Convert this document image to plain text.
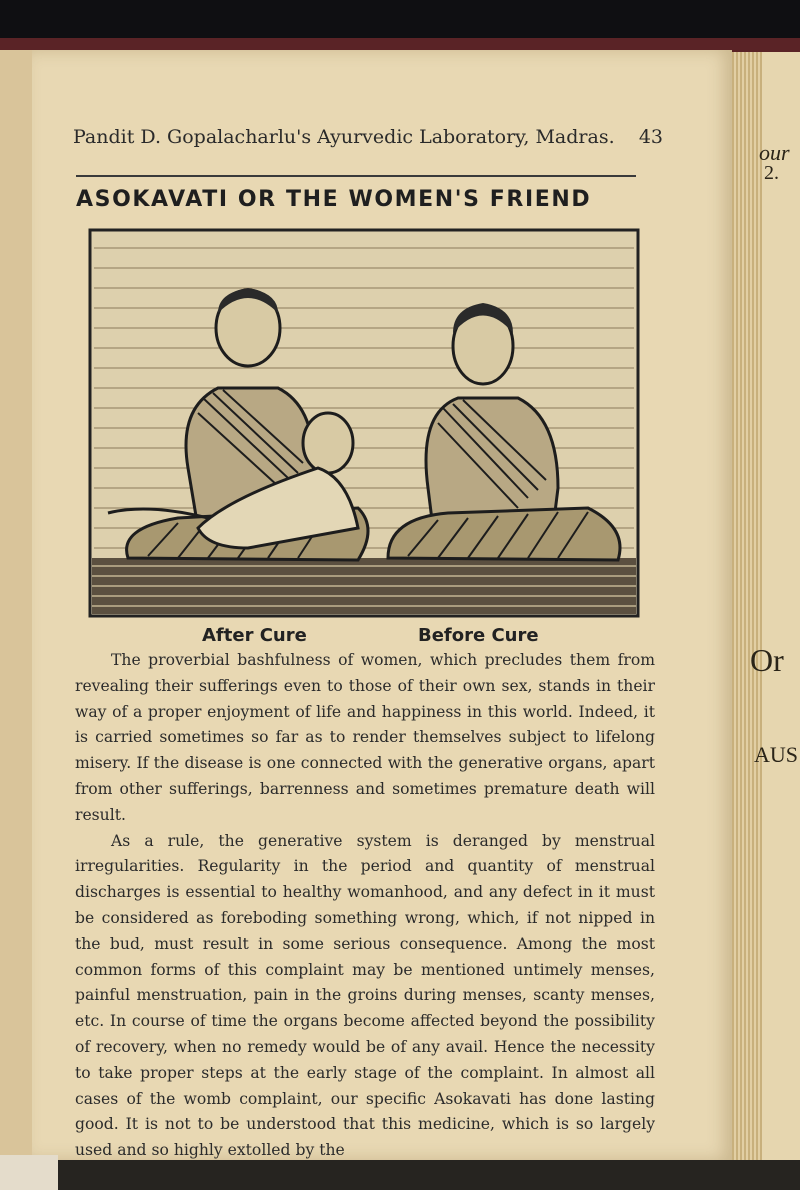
our
2.
Or
AUS
Pandit D. Gopalacharlu's Ayurvedic Laboratory, Madras. 43
ASOKAVATI OR THE WOMEN'S FRIEND
After Cure	Before Cure

The proverbial bashfulness of women, which precludes them from revealing their sufferings even to those of their own sex, stands in their way of a proper enjoyment of life and happiness in this world. Indeed, it is carried sometimes so far as to render themselves subject to lifelong misery. If the disease is one connected with the generative organs, apart from other sufferings, barrenness and sometimes premature death will result.

As a rule, the generative system is deranged by menstrual irregularities. Regularity in the period and quantity of menstrual discharges is essential to healthy womanhood, and any defect in it must be considered as foreboding something wrong, which, if not nipped in the bud, must result in some serious consequence. Among the most common forms of this complaint may be mentioned untimely menses, painful menstruation, pain in the groins during menses, scanty menses, etc. In course of time the organs become affected beyond the possibility of recovery, when no remedy would be of any avail. Hence the necessity to take proper steps at the early stage of the complaint. In almost all cases of the womb complaint, our specific Asokavati has done lasting good. It is not to be understood that this medicine, which is so largely used and so highly extolled by the
